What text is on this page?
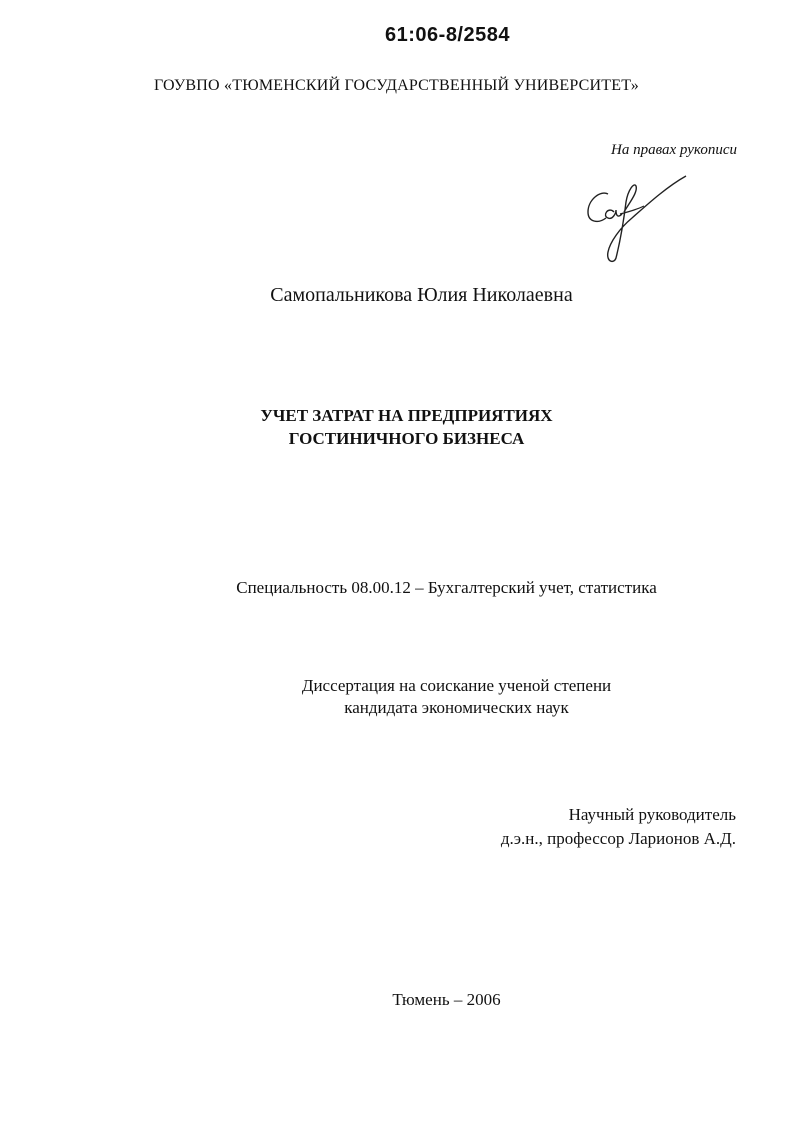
61:06-8/2584
ГОУВПО «ТЮМЕНСКИЙ ГОСУДАРСТВЕННЫЙ УНИВЕРСИТЕТ»
На правах рукописи
Самопальникова Юлия Николаевна
УЧЕТ ЗАТРАТ НА ПРЕДПРИЯТИЯХ
ГОСТИНИЧНОГО БИЗНЕСА
Специальность 08.00.12 – Бухгалтерский учет, статистика
Диссертация на соискание ученой степени
кандидата экономических наук
Научный руководитель
д.э.н., профессор Ларионов А.Д.
Тюмень – 2006
